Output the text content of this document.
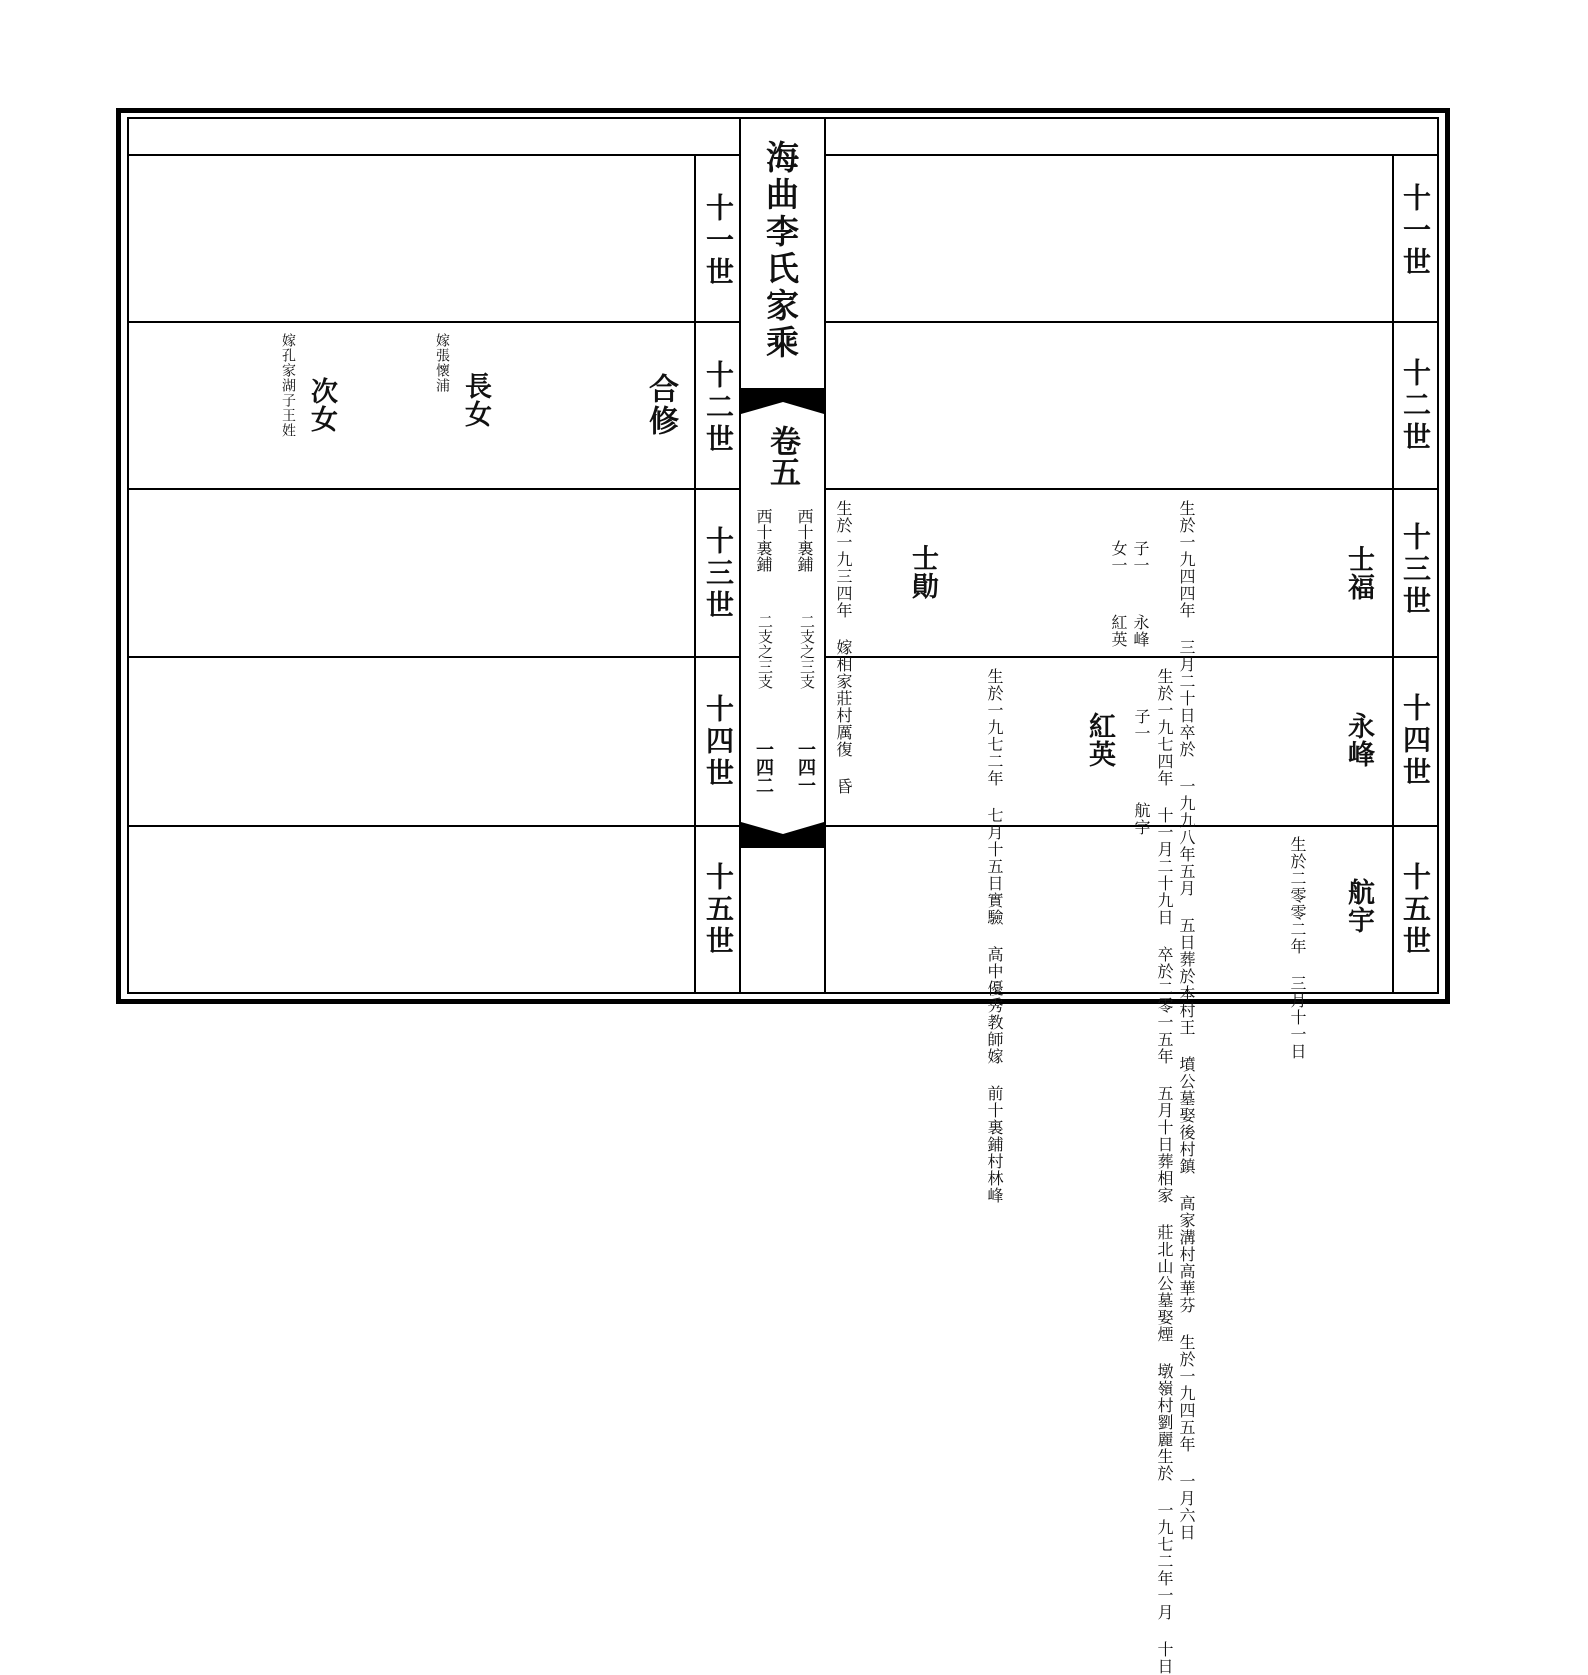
海曲李氏家乘
卷五
西十裏鋪
二支之三支
一四一
西十裏鋪
二支之三支
一四二
十一世
十二世
十三世
十四世
十五世
十一世
十二世
十三世
十四世
十五世
合修
長女
嫁張懷浦
次女
嫁孔家湖子王姓
士福
生於一九四四年 三月二十日卒於 一九九八年五月 五日葬於本村王 墳公墓娶後村鎮 高家溝村高華芬 生於一九四五年 一月六日

子一  永峰
女一  紅英

士勛
生於一九三四年 嫁相家莊村厲復 昏
永峰
生於一九七四年 十一月二十九日 卒於二零一五年 五月十日葬相家 莊北山公墓娶煙 墩嶺村劉麗生於 一九七二年一月 十日

子一   航宇

紅英
生於一九七二年 七月十五日實驗 高中優秀教師嫁 前十裏鋪村林峰
航宇
生於二零零二年 三月十一日
